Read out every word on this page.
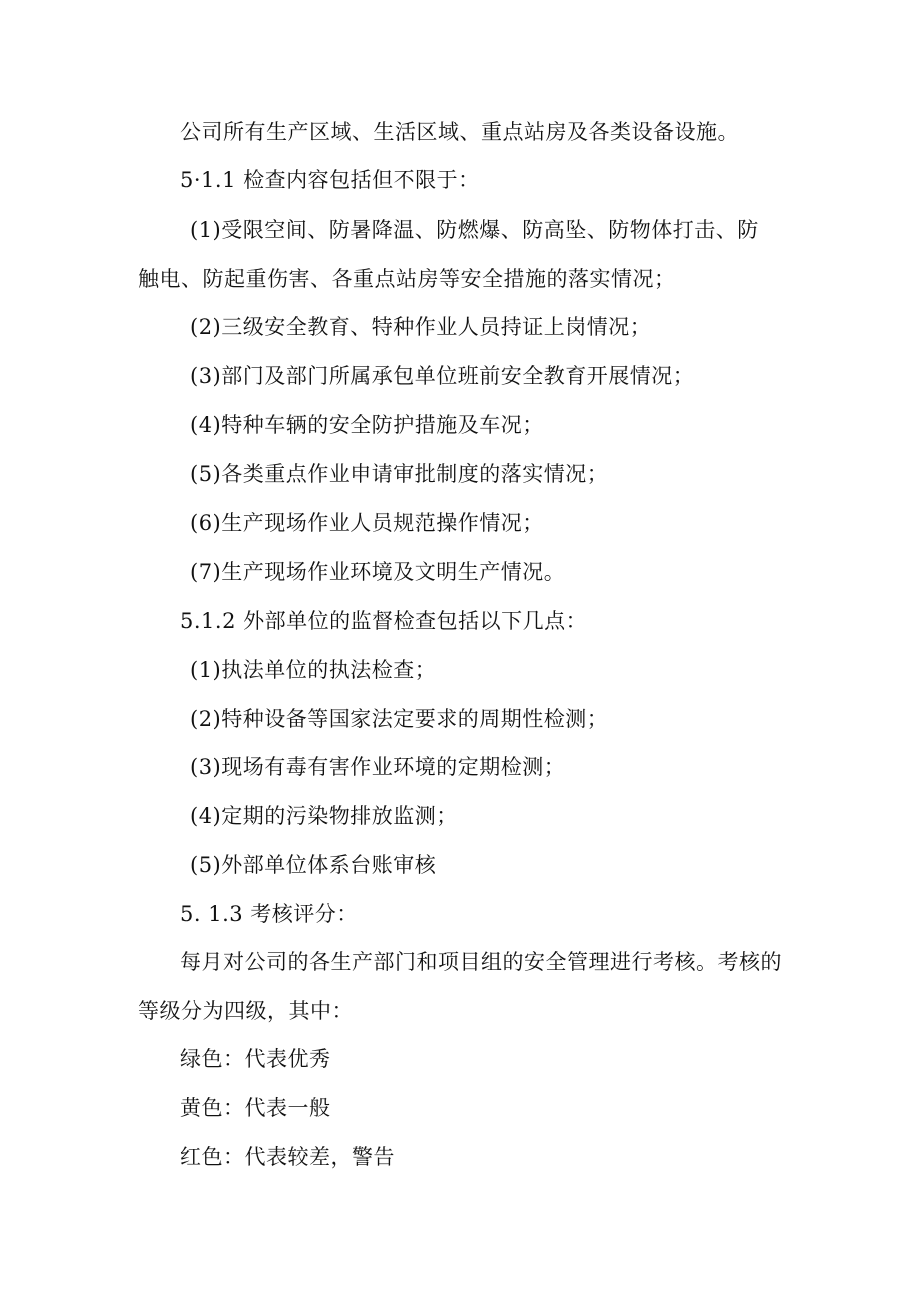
公司所有生产区域、生活区域、重点站房及各类设备设施。
5·1.1 检查内容包括但不限于：
(1)受限空间、防暑降温、防燃爆、防高坠、防物体打击、防
触电、防起重伤害、各重点站房等安全措施的落实情况；
(2)三级安全教育、特种作业人员持证上岗情况；
(3)部门及部门所属承包单位班前安全教育开展情况；
(4)特种车辆的安全防护措施及车况；
(5)各类重点作业申请审批制度的落实情况；
(6)生产现场作业人员规范操作情况；
(7)生产现场作业环境及文明生产情况。
5.1.2 外部单位的监督检查包括以下几点：
(1)执法单位的执法检查；
(2)特种设备等国家法定要求的周期性检测；
(3)现场有毒有害作业环境的定期检测；
(4)定期的污染物排放监测；
(5)外部单位体系台账审核
5. 1.3 考核评分：
每月对公司的各生产部门和项目组的安全管理进行考核。考核的
等级分为四级，其中：
绿色：代表优秀
黄色：代表一般
红色：代表较差，警告
